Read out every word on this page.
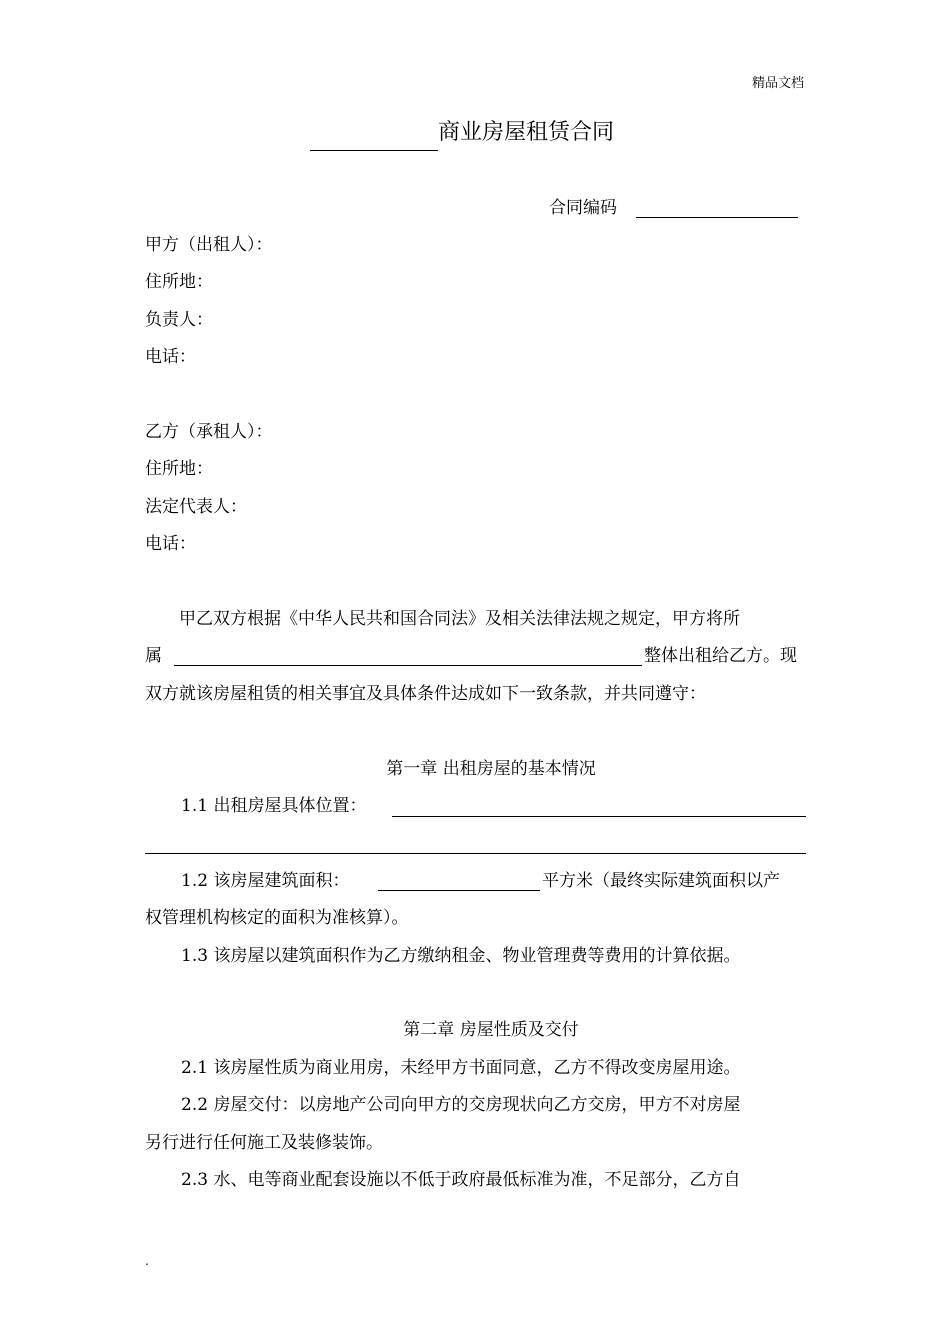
精品文档
商业房屋租赁合同
合同编码
甲方（出租人）：
住所地：
负责人：
电话：
乙方（承租人）：
住所地：
法定代表人：
电话：
甲乙双方根据《中华人民共和国合同法》及相关法律法规之规定，甲方将所
属	整体出租给乙方。现
双方就该房屋租赁的相关事宜及具体条件达成如下一致条款，并共同遵守：
第一章 出租房屋的基本情况
1.1 出租房屋具体位置：
1.2 该房屋建筑面积：	平方米（最终实际建筑面积以产
权管理机构核定的面积为准核算）。
1.3 该房屋以建筑面积作为乙方缴纳租金、物业管理费等费用的计算依据。
第二章 房屋性质及交付
2.1 该房屋性质为商业用房，未经甲方书面同意，乙方不得改变房屋用途。
2.2 房屋交付：以房地产公司向甲方的交房现状向乙方交房，甲方不对房屋
另行进行任何施工及装修装饰。
2.3 水、电等商业配套设施以不低于政府最低标准为准，不足部分，乙方自
.
